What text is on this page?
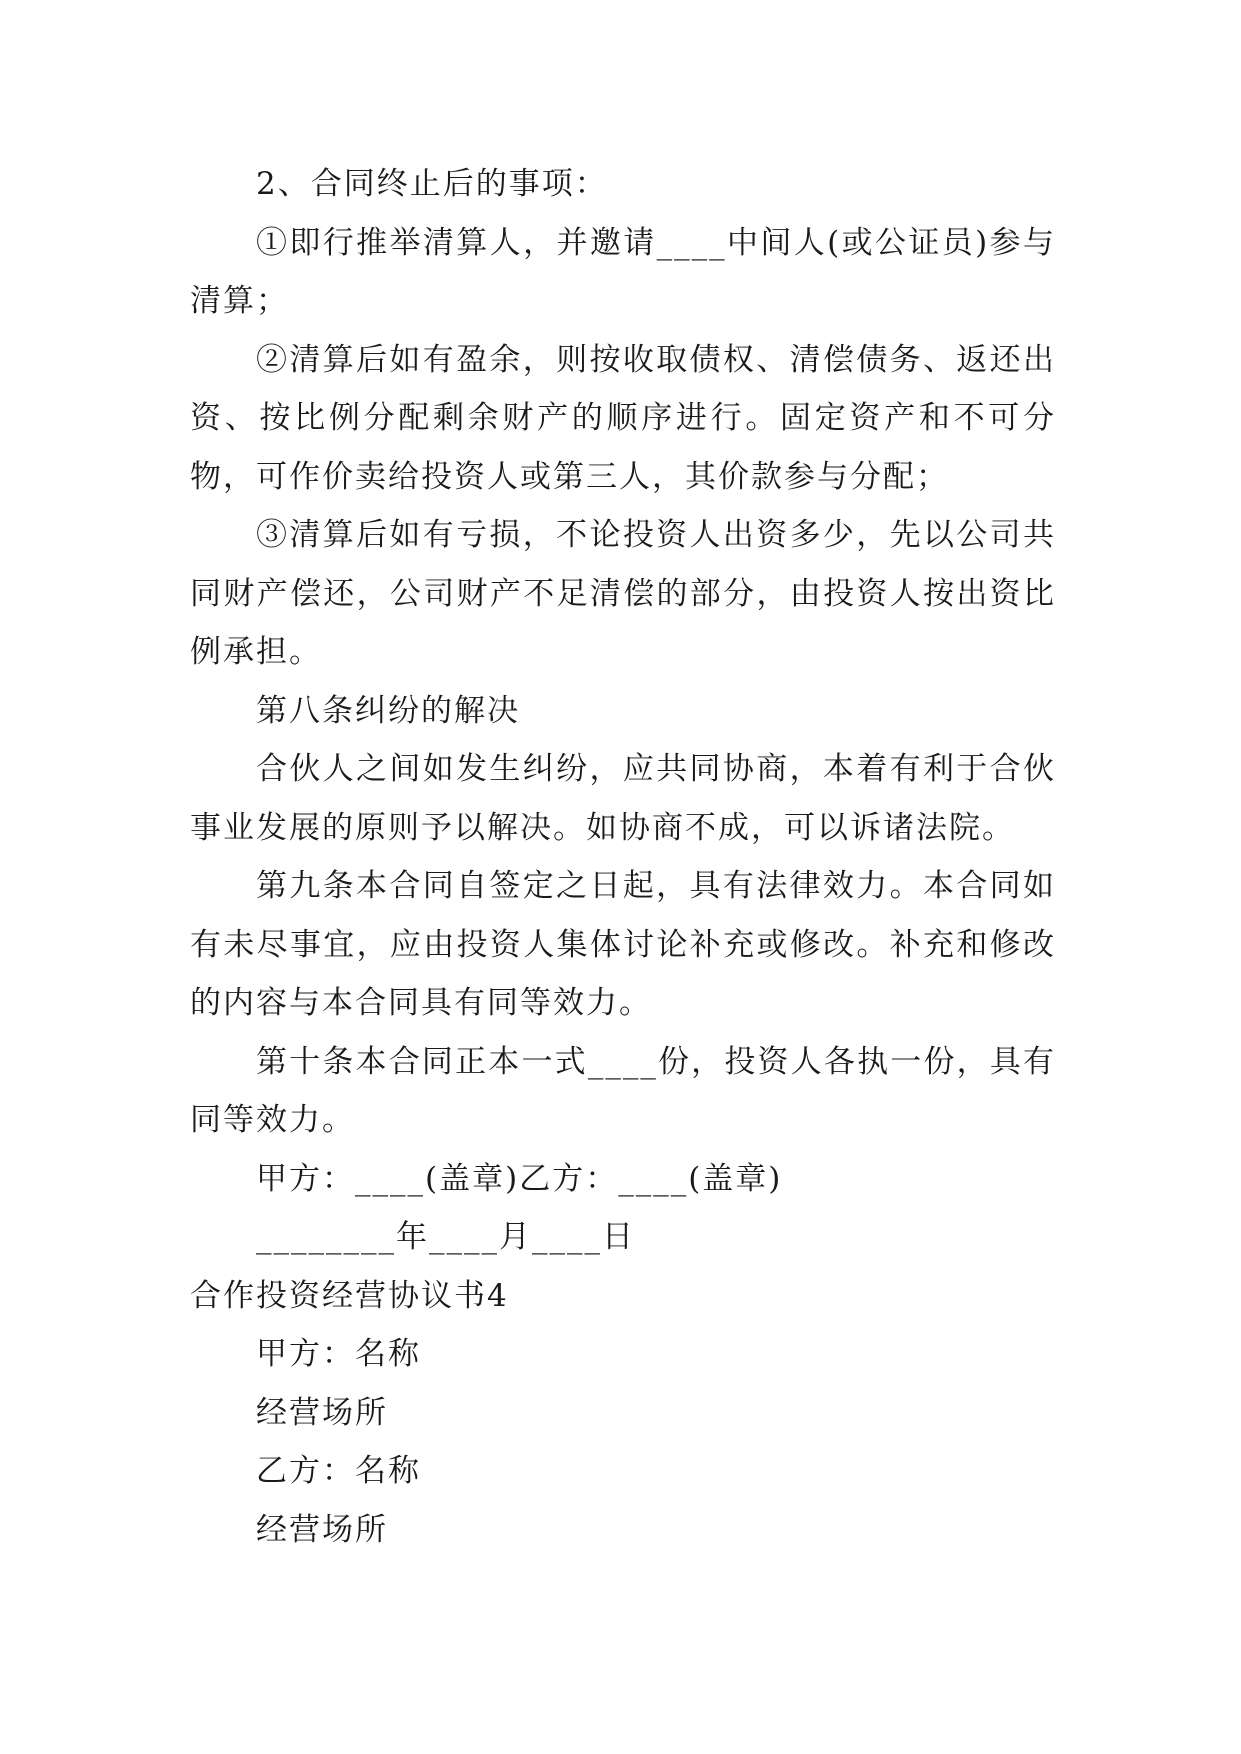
2、合同终止后的事项：

①即行推举清算人，并邀请____中间人(或公证员)参与清算；

②清算后如有盈余，则按收取债权、清偿债务、返还出资、按比例分配剩余财产的顺序进行。固定资产和不可分物，可作价卖给投资人或第三人，其价款参与分配；

③清算后如有亏损，不论投资人出资多少，先以公司共同财产偿还，公司财产不足清偿的部分，由投资人按出资比例承担。

第八条纠纷的解决

合伙人之间如发生纠纷，应共同协商，本着有利于合伙事业发展的原则予以解决。如协商不成，可以诉诸法院。

第九条本合同自签定之日起，具有法律效力。本合同如有未尽事宜，应由投资人集体讨论补充或修改。补充和修改的内容与本合同具有同等效力。

第十条本合同正本一式____份，投资人各执一份，具有同等效力。

甲方：____(盖章)乙方：____(盖章)

________年____月____日

合作投资经营协议书4

甲方：名称

经营场所

乙方：名称

经营场所
